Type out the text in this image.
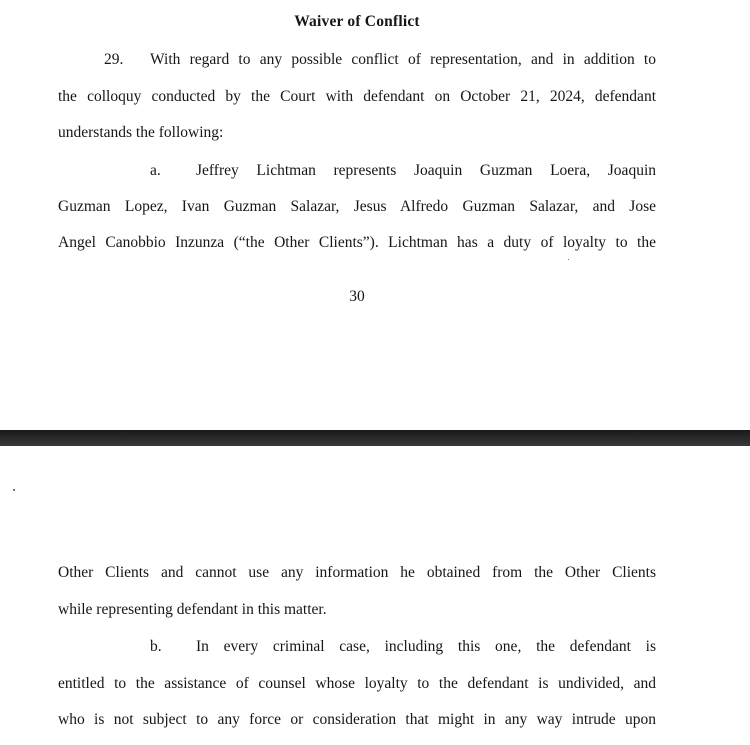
Waiver of Conflict
29. With regard to any possible conflict of representation, and in addition to
the colloquy conducted by the Court with defendant on October 21, 2024, defendant
understands the following:
a. Jeffrey Lichtman represents Joaquin Guzman Loera, Joaquin
Guzman Lopez, Ivan Guzman Salazar, Jesus Alfredo Guzman Salazar, and Jose
Angel Canobbio Inzunza (“the Other Clients”). Lichtman has a duty of loyalty to the
30
Other Clients and cannot use any information he obtained from the Other Clients
while representing defendant in this matter.
b. In every criminal case, including this one, the defendant is
entitled to the assistance of counsel whose loyalty to the defendant is undivided, and
who is not subject to any force or consideration that might in any way intrude upon
